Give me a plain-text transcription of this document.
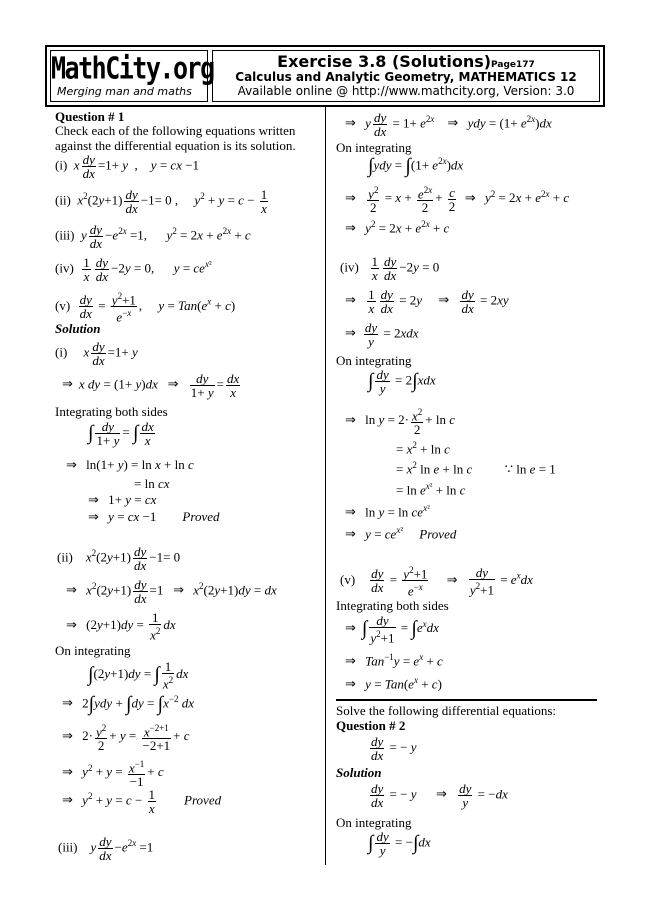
MathCity.org
Merging man and maths
Exercise 3.8 (Solutions)Page177
Calculus and Analytic Geometry, MATHEMATICS 12
Available online @ http://www.mathcity.org, Version: 3.0
Question # 1
Check each of the following equations written
against the differential equation is its solution.
(i)  x $\frac{dy}{dx} =1+ y$  ,    y = cx −1
(ii)  $x^2(2y+1) \frac{dy}{dx} -1= 0$ ,     $y^2 + y = c - \frac{1}{x}$
(iii)  y $\frac{dy}{dx} -e^{2x} =1$,      $y^2 = 2x + e^{2x} + c$
$(iv) \frac{1}{x} \frac{dy}{dx} -2y = 0$,      $y = ce^{x^2}$
$(v) \frac{dy}{dx} = \frac{y^2+1}{e^{-x}}$ ,     $y = Tan(e^x + c)$
Solution
(i)     x $\frac{dy}{dx} =1+ y$
⇒ x dy = (1+ y)dx ⇒ $\frac{dy}{1+ y} = \frac{dx}{x}$
Integrating both sides
∫ $\frac{dy}{1+ y}$ = ∫ $\frac{dx}{x}$
⇒ ln(1+ y) = ln x + ln c
= ln cx
⇒ 1+ y = cx
⇒ y = cx −1        Proved
(ii)    $x^2(2y+1) \frac{dy}{dx} -1= 0$
⇒ $x^2(2y+1) \frac{dy}{dx} =1$   ⇒ $x^2(2y+1)dy$ = dx
⇒ $(2y+1)dy = \frac{1}{x^2}$ dx
On integrating
∫(2y+1)dy = ∫ $\frac{1}{x^2}$ dx
⇒ $2\int ydy + \int dy = \int x^{-2}$ dx
⇒ $2\cdot \frac{y^2}{2} + y = \frac{x^{-2+1}}{-2+1} + c$
⇒ $y^2 + y = \frac{x^{-1}}{-1} + c$
⇒ $y^2 + y = c - \frac{1}{x}$ Proved
(iii)    y $\frac{dy}{dx} -e^{2x} =1$
⇒ y $\frac{dy}{dx} = 1+ e^{2x}$ ⇒ ydy = $(1+ e^{2x})dx$
On integrating
$\int ydy = \int(1+ e^{2x})dx$
⇒ $\frac{y^2}{2} = x + \frac{e^{2x}}{2} + \frac{c}{2}$ ⇒ $y^2 = 2x + e^{2x} + c$
⇒ $y^2 = 2x + e^{2x} + c$
$(iv) \frac{1}{x} \frac{dy}{dx} -2y = 0$
⇒ $\frac{1}{x} \frac{dy}{dx} = 2y$ ⇒ $\frac{dy}{dx} = 2xy$
⇒ $\frac{dy}{y} = 2xdx$
On integrating
∫ $\frac{dy}{y} = 2\int xdx$
⇒ $\ln y = 2\cdot \frac{x^2}{2} + \ln c$
= $x^2 + \ln c$
= $x^2$ ln e + ln c          ∵ ln e = 1
= $\ln e^{x^2} + \ln c$
⇒ $\ln y = \ln ce^{x^2}$
⇒ $y = ce^{x^2}$ Proved
$(v) \frac{dy}{dx} = \frac{y^2+1}{e^{-x}}$ ⇒ $\frac{dy}{y^2+1} = e^xdx$
Integrating both sides
⇒ ∫ $\frac{dy}{y^2+1} = \int e^xdx$
⇒ $Tan^{-1}y = e^x + c$
⇒ $y = Tan(e^x + c)$
Solve the following differential equations:
Question # 2
$\frac{dy}{dx}$ = − y
Solution
$\frac{dy}{dx}$ = − y ⇒ $\frac{dy}{y} = -dx$
On integrating
∫ $\frac{dy}{y} = -\int dx$
